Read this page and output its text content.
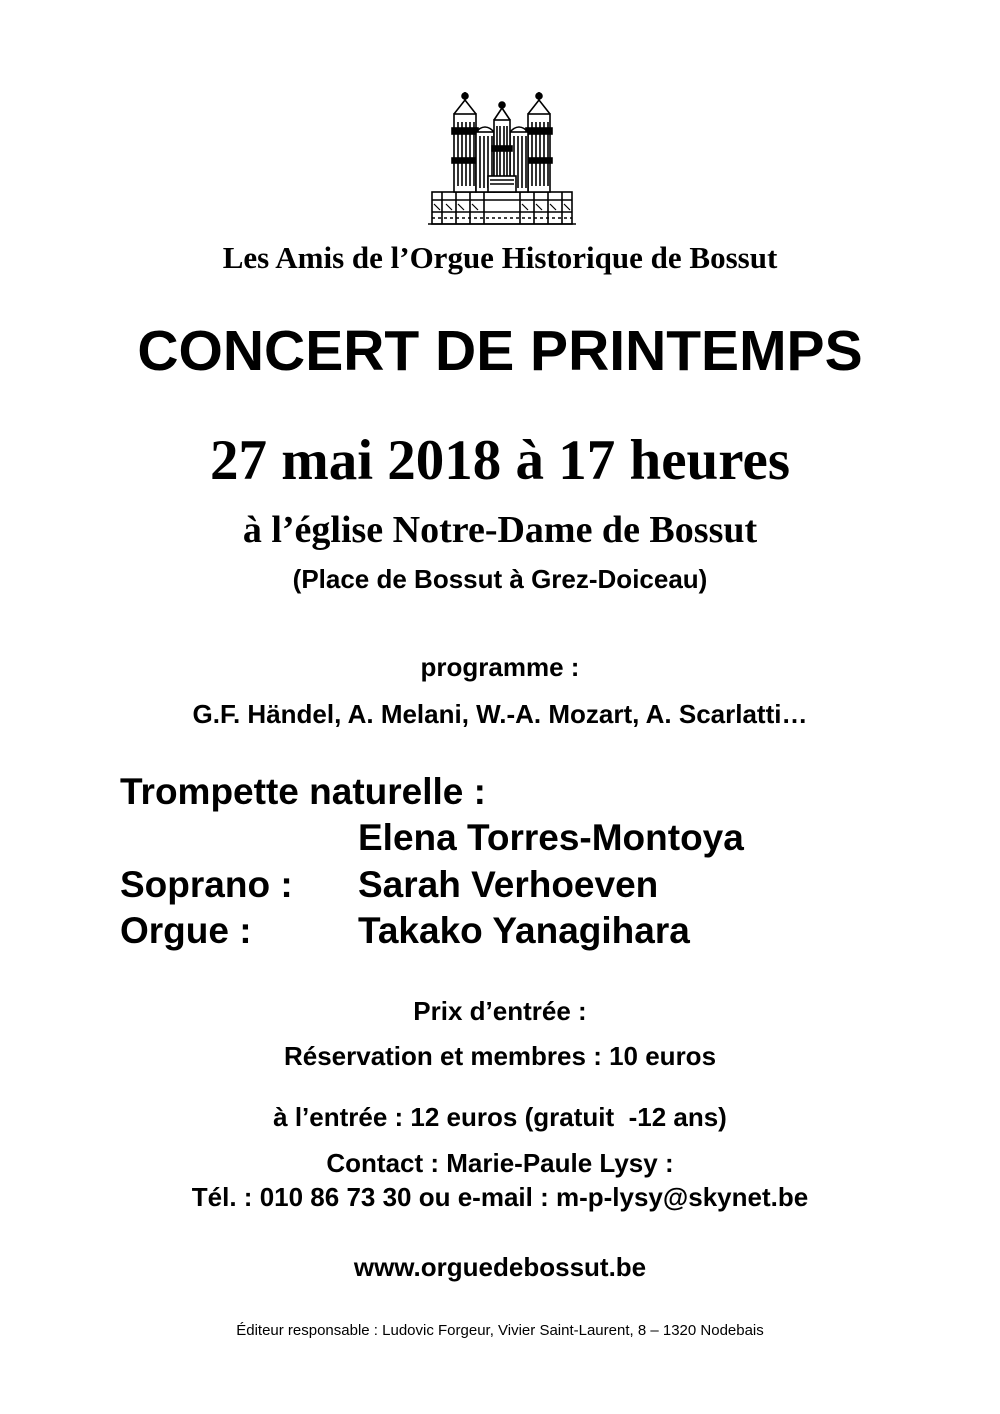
Les Amis de l’Orgue Historique de Bossut
CONCERT DE PRINTEMPS
27 mai 2018 à 17 heures
à l’église Notre-Dame de Bossut
(Place de Bossut à Grez-Doiceau)
programme :
G.F. Händel, A. Melani, W.-A. Mozart, A. Scarlatti…
Trompette naturelle :
Elena Torres-Montoya
Soprano : Sarah Verhoeven
Orgue :	Takako Yanagihara
Prix d’entrée :
Réservation et membres : 10 euros
à l’entrée : 12 euros (gratuit  -12 ans)
Contact : Marie-Paule Lysy :
Tél. : 010 86 73 30 ou e-mail : m-p-lysy@skynet.be
www.orguedebossut.be
Éditeur responsable : Ludovic Forgeur, Vivier Saint-Laurent, 8 – 1320 Nodebais
